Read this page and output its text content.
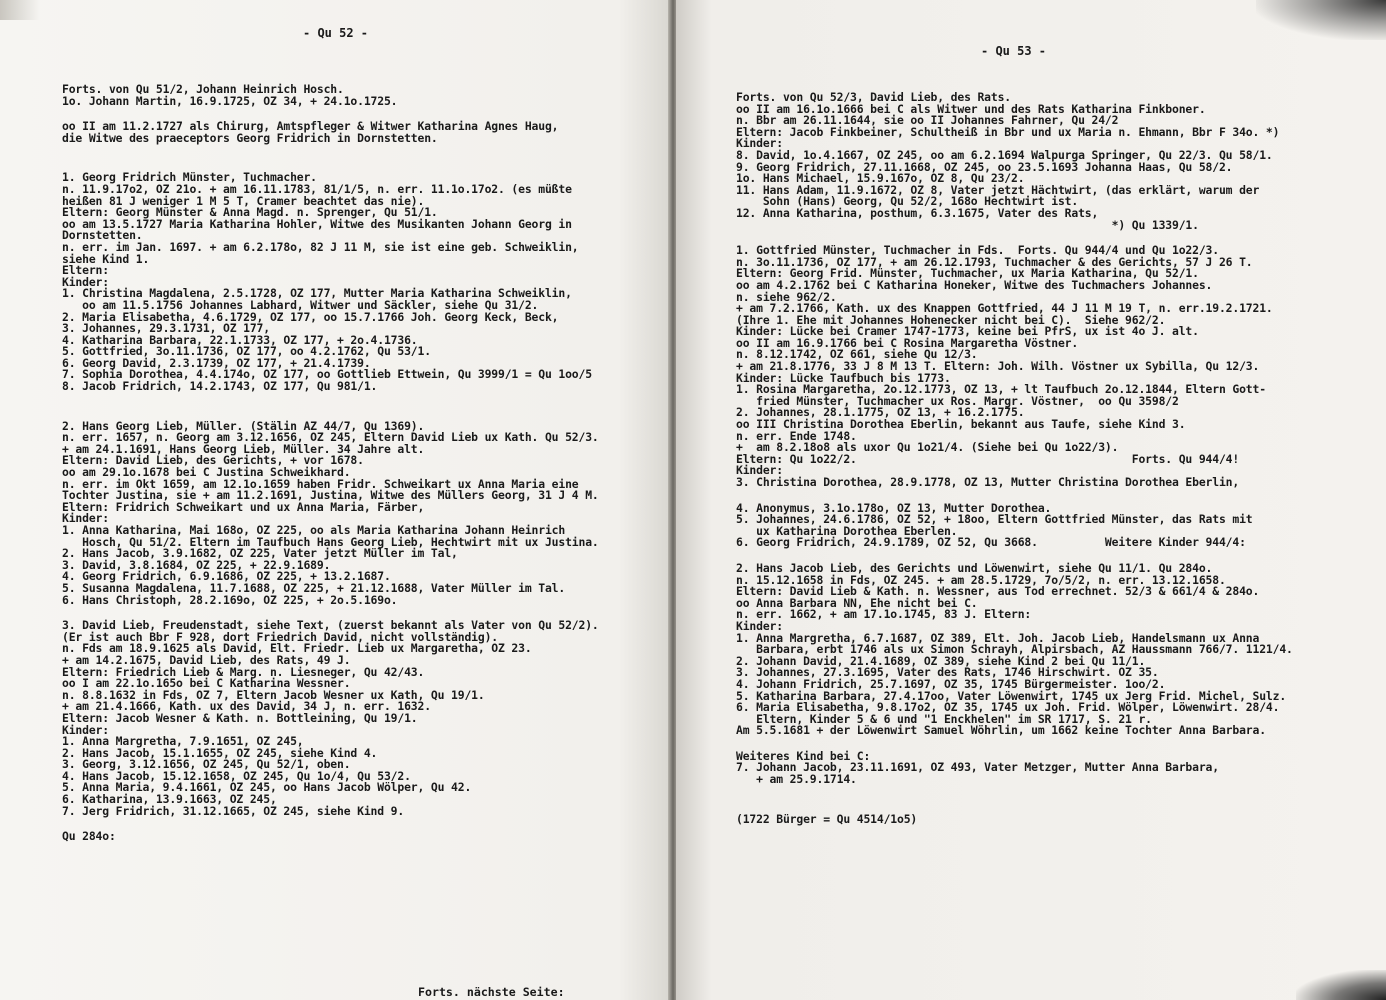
- Qu 52 -
Forts. von Qu 51/2, Johann Heinrich Hosch.
1o. Johann Martin, 16.9.1725, OZ 34, + 24.1o.1725.
oo II am 11.2.1727 als Chirurg, Amtspfleger & Witwer Katharina Agnes Haug,
die Witwe des praeceptors Georg Fridrich in Dornstetten.
1. Georg Fridrich Münster, Tuchmacher.
n. 11.9.17o2, OZ 21o. + am 16.11.1783, 81/1/5, n. err. 11.1o.17o2. (es müßte
heißen 81 J weniger 1 M 5 T, Cramer beachtet das nie).
Eltern: Georg Münster & Anna Magd. n. Sprenger, Qu 51/1.
oo am 13.5.1727 Maria Katharina Hohler, Witwe des Musikanten Johann Georg in
Dornstetten.
n. err. im Jan. 1697. + am 6.2.178o, 82 J 11 M, sie ist eine geb. Schweiklin,
siehe Kind 1.
Eltern:
Kinder:
1. Christina Magdalena, 2.5.1728, OZ 177, Mutter Maria Katharina Schweiklin,
oo am 11.5.1756 Johannes Labhard, Witwer und Säckler, siehe Qu 31/2.
2. Maria Elisabetha, 4.6.1729, OZ 177, oo 15.7.1766 Joh. Georg Keck, Beck,
3. Johannes, 29.3.1731, OZ 177,
4. Katharina Barbara, 22.1.1733, OZ 177, + 2o.4.1736.
5. Gottfried, 3o.11.1736, OZ 177, oo 4.2.1762, Qu 53/1.
6. Georg David, 2.3.1739, OZ 177, + 21.4.1739.
7. Sophia Dorothea, 4.4.174o, OZ 177, oo Gottlieb Ettwein, Qu 3999/1 = Qu 1oo/5
8. Jacob Fridrich, 14.2.1743, OZ 177, Qu 981/1.
2. Hans Georg Lieb, Müller. (Stälin AZ 44/7, Qu 1369).
n. err. 1657, n. Georg am 3.12.1656, OZ 245, Eltern David Lieb ux Kath. Qu 52/3.
+ am 24.1.1691, Hans Georg Lieb, Müller. 34 Jahre alt.
Eltern: David Lieb, des Gerichts, + vor 1678.
oo am 29.1o.1678 bei C Justina Schweikhard.
n. err. im Okt 1659, am 12.1o.1659 haben Fridr. Schweikart ux Anna Maria eine
Tochter Justina, sie + am 11.2.1691, Justina, Witwe des Müllers Georg, 31 J 4 M.
Eltern: Fridrich Schweikart und ux Anna Maria, Färber,
Kinder:
1. Anna Katharina, Mai 168o, OZ 225, oo als Maria Katharina Johann Heinrich
Hosch, Qu 51/2. Eltern im Taufbuch Hans Georg Lieb, Hechtwirt mit ux Justina.
2. Hans Jacob, 3.9.1682, OZ 225, Vater jetzt Müller im Tal,
3. David, 3.8.1684, OZ 225, + 22.9.1689.
4. Georg Fridrich, 6.9.1686, OZ 225, + 13.2.1687.
5. Susanna Magdalena, 11.7.1688, OZ 225, + 21.12.1688, Vater Müller im Tal.
6. Hans Christoph, 28.2.169o, OZ 225, + 2o.5.169o.
3. David Lieb, Freudenstadt, siehe Text, (zuerst bekannt als Vater von Qu 52/2).
(Er ist auch Bbr F 928, dort Friedrich David, nicht vollständig).
n. Fds am 18.9.1625 als David, Elt. Friedr. Lieb ux Margaretha, OZ 23.
+ am 14.2.1675, David Lieb, des Rats, 49 J.
Eltern: Friedrich Lieb & Marg. n. Liesneger, Qu 42/43.
oo I am 22.1o.165o bei C Katharina Wessner.
n. 8.8.1632 in Fds, OZ 7, Eltern Jacob Wesner ux Kath, Qu 19/1.
+ am 21.4.1666, Kath. ux des David, 34 J, n. err. 1632.
Eltern: Jacob Wesner & Kath. n. Bottleining, Qu 19/1.
Kinder:
1. Anna Margretha, 7.9.1651, OZ 245,
2. Hans Jacob, 15.1.1655, OZ 245, siehe Kind 4.
3. Georg, 3.12.1656, OZ 245, Qu 52/1, oben.
4. Hans Jacob, 15.12.1658, OZ 245, Qu 1o/4, Qu 53/2.
5. Anna Maria, 9.4.1661, OZ 245, oo Hans Jacob Wölper, Qu 42.
6. Katharina, 13.9.1663, OZ 245,
7. Jerg Fridrich, 31.12.1665, OZ 245, siehe Kind 9.
Qu 284o:
Forts. nächste Seite:
- Qu 53 -
Forts. von Qu 52/3, David Lieb, des Rats.
oo II am 16.1o.1666 bei C als Witwer und des Rats Katharina Finkboner.
n. Bbr am 26.11.1644, sie oo II Johannes Fahrner, Qu 24/2
Eltern: Jacob Finkbeiner, Schultheiß in Bbr und ux Maria n. Ehmann, Bbr F 34o. *)
Kinder:
8. David, 1o.4.1667, OZ 245, oo am 6.2.1694 Walpurga Springer, Qu 22/3. Qu 58/1.
9. Georg Fridrich, 27.11.1668, OZ 245, oo 23.5.1693 Johanna Haas, Qu 58/2.
1o. Hans Michael, 15.9.167o, OZ 8, Qu 23/2.
11. Hans Adam, 11.9.1672, OZ 8, Vater jetzt Hächtwirt, (das erklärt, warum der
Sohn (Hans) Georg, Qu 52/2, 168o Hechtwirt ist.
12. Anna Katharina, posthum, 6.3.1675, Vater des Rats,
*) Qu 1339/1.
1. Gottfried Münster, Tuchmacher in Fds.  Forts. Qu 944/4 und Qu 1o22/3.
n. 3o.11.1736, OZ 177, + am 26.12.1793, Tuchmacher & des Gerichts, 57 J 26 T.
Eltern: Georg Frid. Münster, Tuchmacher, ux Maria Katharina, Qu 52/1.
oo am 4.2.1762 bei C Katharina Honeker, Witwe des Tuchmachers Johannes.
n. siehe 962/2.
+ am 7.2.1766, Kath. ux des Knappen Gottfried, 44 J 11 M 19 T, n. err.19.2.1721.
(Ihre 1. Ehe mit Johannes Hohenecker nicht bei C).  Siehe 962/2.
Kinder: Lücke bei Cramer 1747-1773, keine bei PfrS, ux ist 4o J. alt.
oo II am 16.9.1766 bei C Rosina Margaretha Vöstner.
n. 8.12.1742, OZ 661, siehe Qu 12/3.
+ am 21.8.1776, 33 J 8 M 13 T. Eltern: Joh. Wilh. Vöstner ux Sybilla, Qu 12/3.
Kinder: Lücke Taufbuch bis 1773.
1. Rosina Margaretha, 2o.12.1773, OZ 13, + lt Taufbuch 2o.12.1844, Eltern Gott-
fried Münster, Tuchmacher ux Ros. Margr. Vöstner,  oo Qu 3598/2
2. Johannes, 28.1.1775, OZ 13, + 16.2.1775.
oo III Christina Dorothea Eberlin, bekannt aus Taufe, siehe Kind 3.
n. err. Ende 1748.
+  am 8.2.18o8 als uxor Qu 1o21/4. (Siehe bei Qu 1o22/3).
Eltern: Qu 1o22/2.                                         Forts. Qu 944/4!
Kinder:
3. Christina Dorothea, 28.9.1778, OZ 13, Mutter Christina Dorothea Eberlin,
4. Anonymus, 3.1o.178o, OZ 13, Mutter Dorothea.
5. Johannes, 24.6.1786, OZ 52, + 18oo, Eltern Gottfried Münster, das Rats mit
ux Katharina Dorothea Eberlen.
6. Georg Fridrich, 24.9.1789, OZ 52, Qu 3668.          Weitere Kinder 944/4:
2. Hans Jacob Lieb, des Gerichts und Löwenwirt, siehe Qu 11/1. Qu 284o.
n. 15.12.1658 in Fds, OZ 245. + am 28.5.1729, 7o/5/2, n. err. 13.12.1658.
Eltern: David Lieb & Kath. n. Wessner, aus Tod errechnet. 52/3 & 661/4 & 284o.
oo Anna Barbara NN, Ehe nicht bei C.
n. err. 1662, + am 17.1o.1745, 83 J. Eltern:
Kinder:
1. Anna Margretha, 6.7.1687, OZ 389, Elt. Joh. Jacob Lieb, Handelsmann ux Anna
Barbara, erbt 1746 als ux Simon Schrayh, Alpirsbach, AZ Haussmann 766/7. 1121/4.
2. Johann David, 21.4.1689, OZ 389, siehe Kind 2 bei Qu 11/1.
3. Johannes, 27.3.1695, Vater des Rats, 1746 Hirschwirt. OZ 35.
4. Johann Fridrich, 25.7.1697, OZ 35, 1745 Bürgermeister. 1oo/2.
5. Katharina Barbara, 27.4.17oo, Vater Löwenwirt, 1745 ux Jerg Frid. Michel, Sulz.
6. Maria Elisabetha, 9.8.17o2, OZ 35, 1745 ux Joh. Frid. Wölper, Löwenwirt. 28/4.
Eltern, Kinder 5 & 6 und "1 Enckhelen" im SR 1717, S. 21 r.
Am 5.5.1681 + der Löwenwirt Samuel Wöhrlin, um 1662 keine Tochter Anna Barbara.
Weiteres Kind bei C:
7. Johann Jacob, 23.11.1691, OZ 493, Vater Metzger, Mutter Anna Barbara,
+ am 25.9.1714.
(1722 Bürger = Qu 4514/1o5)
